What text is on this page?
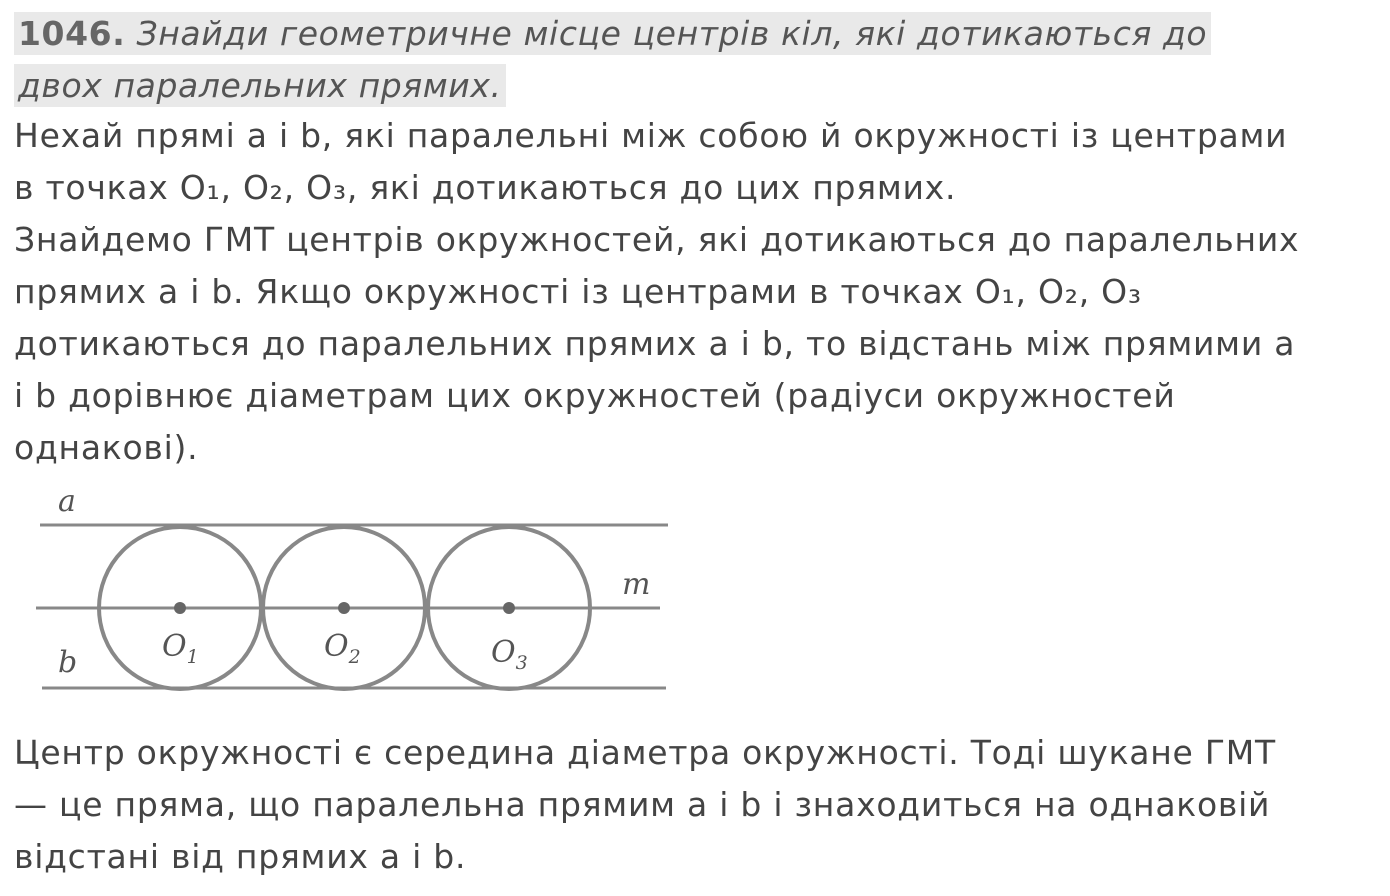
1046. Знайди геометричне місце центрів кіл, які дотикаються до
двох паралельних прямих.
Нехай прямі a і b, які паралельні між собою й окружності із центрами
в точках O₁, O₂, O₃, які дотикаються до цих прямих.
Знайдемо ГМТ центрів окружностей, які дотикаються до паралельних
прямих a і b. Якщо окружності із центрами в точках O₁, O₂, O₃
дотикаються до паралельних прямих a і b, то відстань між прямими a
і b дорівнює діаметрам цих окружностей (радіуси окружностей
однакові).
a
m
b	$O_1$	$O_2$	$O_3$
Центр окружності є середина діаметра окружності. Тоді шукане ГМТ
— це пряма, що паралельна прямим a і b і знаходиться на однаковій
відстані від прямих a і b.
